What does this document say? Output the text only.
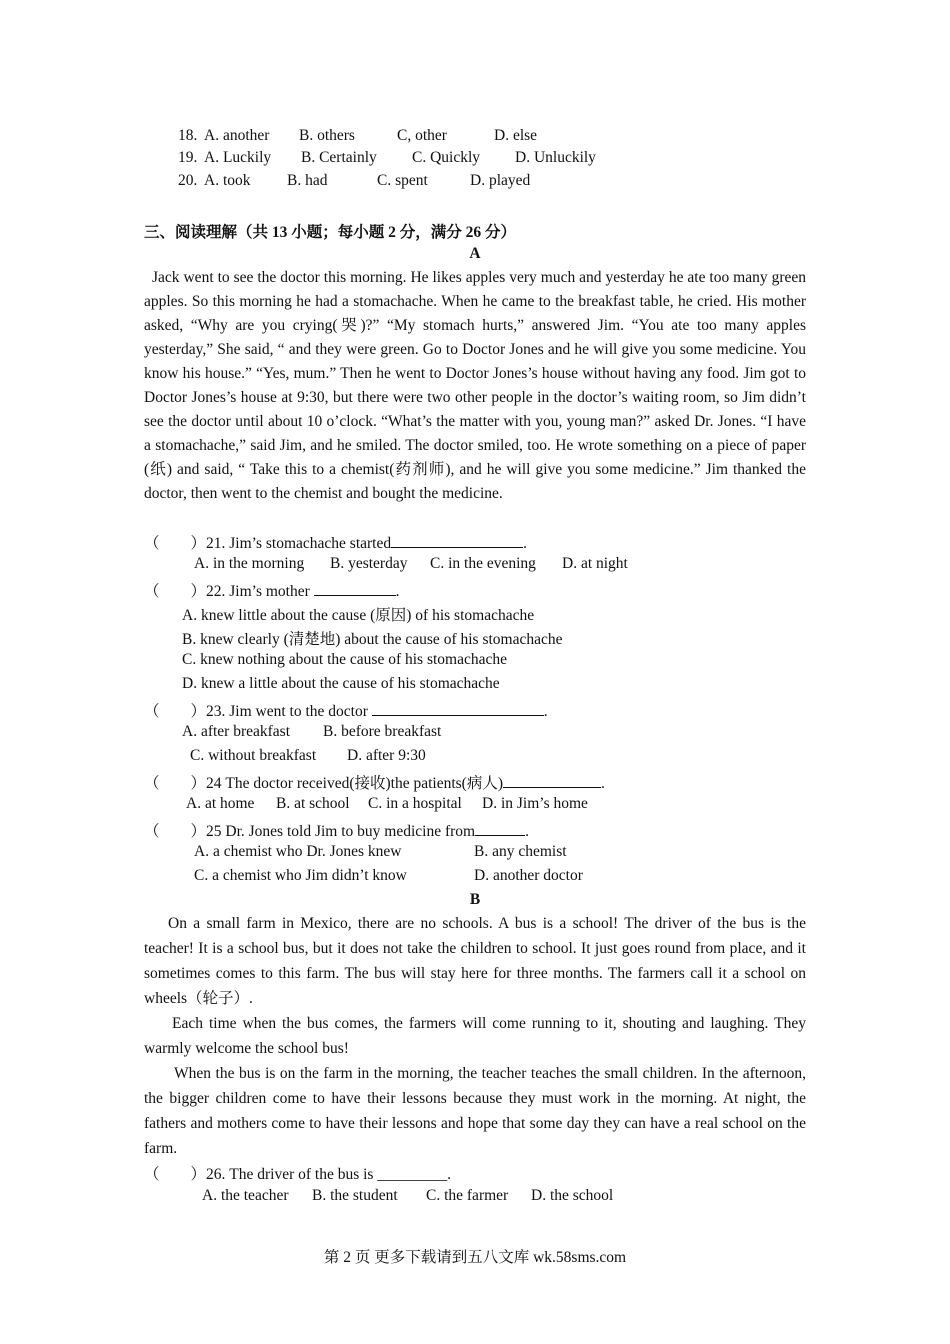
18. A. another B. others	C, other	D. else
19. A. Luckily B. Certainly C. Quickly D. Unluckily
20. A. took B. had	C. spent	D. played
三、阅读理解（共 13 小题；每小题 2 分，满分 26 分）
A
Jack went to see the doctor this morning. He likes apples very much and yesterday he ate too many green apples. So this morning he had a stomachache. When he came to the breakfast table, he cried. His mother asked, “Why are you crying(哭)?” “My stomach hurts,” answered Jim. “You ate too many apples yesterday,” She said, “ and they were green. Go to Doctor Jones and he will give you some medicine. You know his house.” “Yes, mum.” Then he went to Doctor Jones’s house without having any food. Jim got to Doctor Jones’s house at 9:30, but there were two other people in the doctor’s waiting room, so Jim didn’t see the doctor until about 10 o’clock. “What’s the matter with you, young man?” asked Dr. Jones. “I have a stomachache,” said Jim, and he smiled. The doctor smiled, too. He wrote something on a piece of paper (纸) and said, “ Take this to a chemist(药剂师), and he will give you some medicine.” Jim thanked the doctor, then went to the chemist and bought the medicine.
（　　）21. Jim’s stomachache started	.
A. in the morning B. yesterday C. in the evening D. at night
（　　）22. Jim’s mother	.
A. knew little about the cause (原因) of his stomachache
B. knew clearly (清楚地) about the cause of his stomachache
C. knew nothing about the cause of his stomachache
D. knew a little about the cause of his stomachache
（　　）23. Jim went to the doctor	.
A. after breakfast B. before breakfast
C. without breakfast D. after 9:30
（　　）24 The doctor received(接收)the patients(病人)	.
A. at home B. at school C. in a hospital D. in Jim’s home
（　　）25 Dr. Jones told Jim to buy medicine from	.
A. a chemist who Dr. Jones knew	B. any chemist
C. a chemist who Jim didn’t know	D. another doctor
B
On a small farm in Mexico, there are no schools. A bus is a school! The driver of the bus is the teacher! It is a school bus, but it does not take the children to school. It just goes round from place, and it sometimes comes to this farm. The bus will stay here for three months. The farmers call it a school on wheels（轮子）.
Each time when the bus comes, the farmers will come running to it, shouting and laughing. They warmly welcome the school bus!
When the bus is on the farm in the morning, the teacher teaches the small children. In the afternoon, the bigger children come to have their lessons because they must work in the morning. At night, the fathers and mothers come to have their lessons and hope that some day they can have a real school on the farm.
（　　）26. The driver of the bus is _________.
A. the teacher B. the student C. the farmer D. the school
第 2 页 更多下载请到五八文库 wk.58sms.com
